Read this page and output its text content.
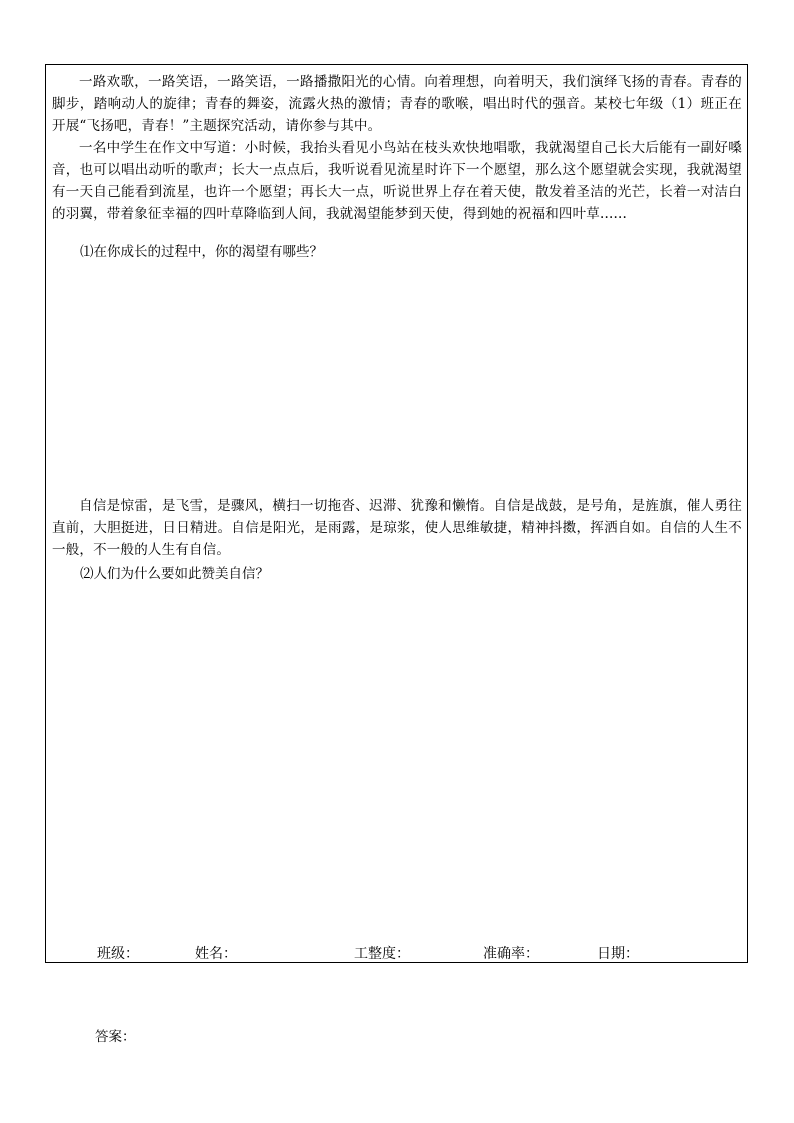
一路欢歌，一路笑语，一路笑语，一路播撒阳光的心情。向着理想，向着明天，我们演绎飞扬的青春。青春的脚步，踏响动人的旋律；青春的舞姿，流露火热的激情；青春的歌喉，唱出时代的强音。某校七年级（1）班正在开展“飞扬吧，青春！”主题探究活动，请你参与其中。

一名中学生在作文中写道：小时候，我抬头看见小鸟站在枝头欢快地唱歌，我就渴望自己长大后能有一副好嗓音，也可以唱出动听的歌声；长大一点点后，我听说看见流星时许下一个愿望，那么这个愿望就会实现，我就渴望有一天自己能看到流星，也许一个愿望；再长大一点，听说世界上存在着天使，散发着圣洁的光芒，长着一对洁白的羽翼，带着象征幸福的四叶草降临到人间，我就渴望能梦到天使，得到她的祝福和四叶草......

⑴在你成长的过程中，你的渴望有哪些？

自信是惊雷，是飞雪，是骤风，横扫一切拖沓、迟滞、犹豫和懒惰。自信是战鼓，是号角，是旌旗，催人勇往直前，大胆挺进，日日精进。自信是阳光，是雨露，是琼浆，使人思维敏捷，精神抖擞，挥洒自如。自信的人生不一般，不一般的人生有自信。

⑵人们为什么要如此赞美自信？

班级：	姓名：	工整度：	准确率：	日期：
答案：
